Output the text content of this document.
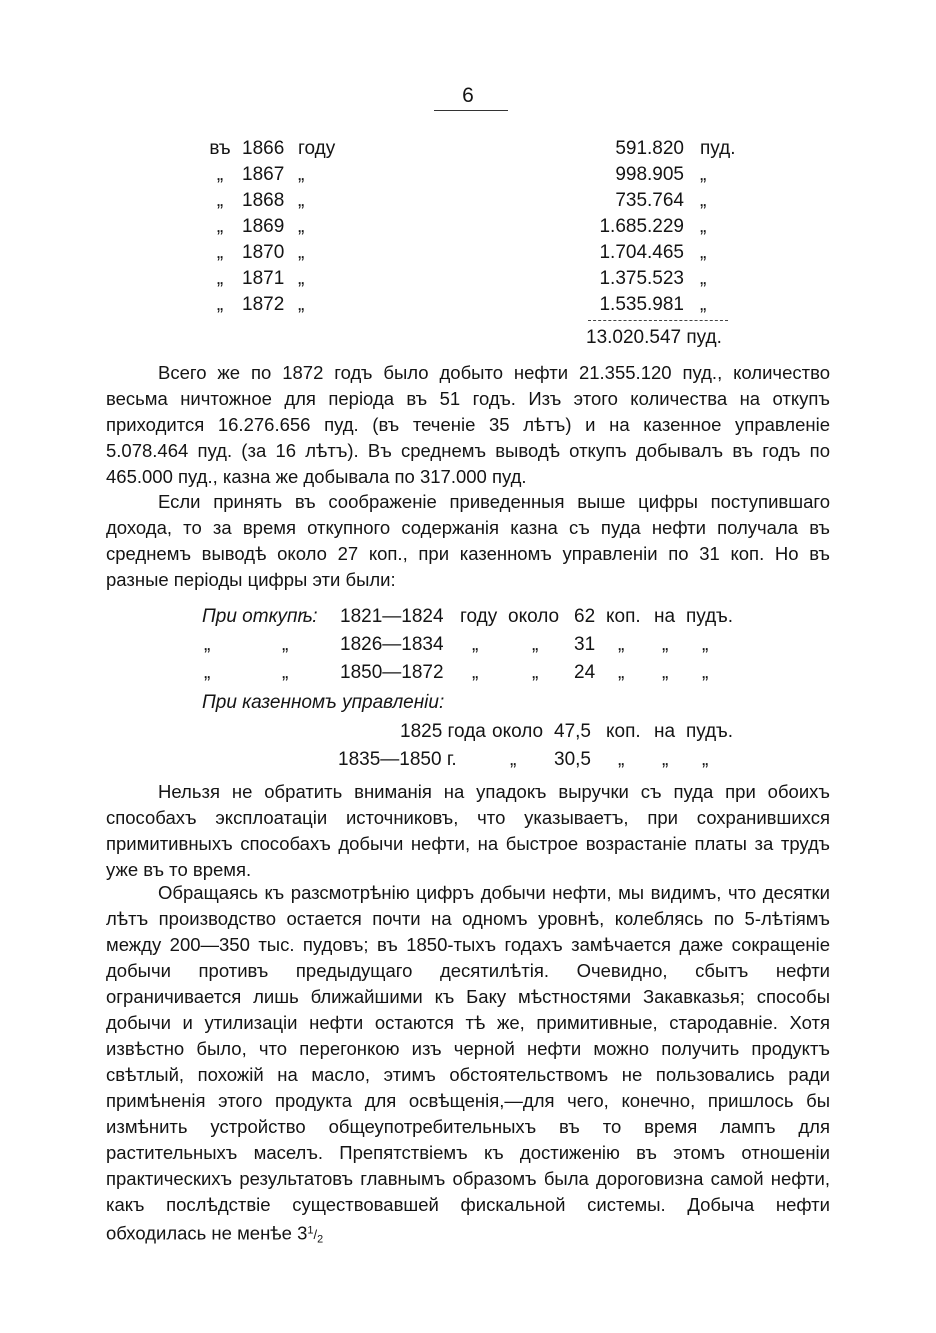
6
въ 1866 году	591.820 пуд.
„ 1867 „	998.905 „
„ 1868 „	735.764 „
„ 1869 „	1.685.229 „
„ 1870 „	1.704.465 „
„ 1871 „	1.375.523 „
„ 1872 „	1.535.981 „
13.020.547 пуд.

Всего же по 1872 годъ было добыто нефти 21.355.120 пуд., количество весьма ничтожное для періода въ 51 годъ. Изъ этого количества на откупъ приходится 16.276.656 пуд. (въ теченіе 35 лѣтъ) и на казенное управленіе 5.078.464 пуд. (за 16 лѣтъ). Въ среднемъ выводѣ откупъ добывалъ въ годъ по 465.000 пуд., казна же добывала по 317.000 пуд.

Если принять въ соображеніе приведенныя выше цифры поступившаго дохода, то за время откупного содержанія казна съ пуда нефти получала въ среднемъ выводѣ около 27 коп., при казенномъ управленіи по 31 коп. Но въ разные періоды цифры эти были:

При откупѣ: 1821—1824 году около 62 коп. на пудъ.
„	„	1826—1834 „	„ 31 „ „ „
„	„	1850—1872 „	„ 24 „ „ „
При казенномъ управленіи:
1825 года около 47,5 коп. на пудъ.
1835—1850 г.	„ 30,5 „ „ „

Нельзя не обратить вниманія на упадокъ выручки съ пуда при обоихъ способахъ эксплоатаціи источниковъ, что указываетъ, при сохранившихся примитивныхъ способахъ добычи нефти, на быстрое возрастаніе платы за трудъ уже въ то время.

Обращаясь къ разсмотрѣнію цифръ добычи нефти, мы видимъ, что десятки лѣтъ производство остается почти на одномъ уровнѣ, колеблясь по 5-лѣтіямъ между 200—350 тыс. пудовъ; въ 1850-тыхъ годахъ замѣчается даже сокращеніе добычи противъ предыдущаго десятилѣтія. Очевидно, сбытъ нефти ограничивается лишь ближайшими къ Баку мѣстностями Закавказья; способы добычи и утилизаціи нефти остаются тѣ же, примитивные, стародавніе. Хотя извѣстно было, что перегонкою изъ черной нефти можно получить продуктъ свѣтлый, похожій на масло, этимъ обстоятельствомъ не пользовались ради примѣненія этого продукта для освѣщенія,—для чего, конечно, пришлось бы измѣнить устройство общеупотребительныхъ въ то время лампъ для растительныхъ маселъ. Препятствіемъ къ достиженію въ этомъ отношеніи практическихъ результатовъ главнымъ образомъ была дороговизна самой нефти, какъ послѣдствіе существовавшей фискальной системы. Добыча нефти обходилась не менѣе $3^1/_2$
